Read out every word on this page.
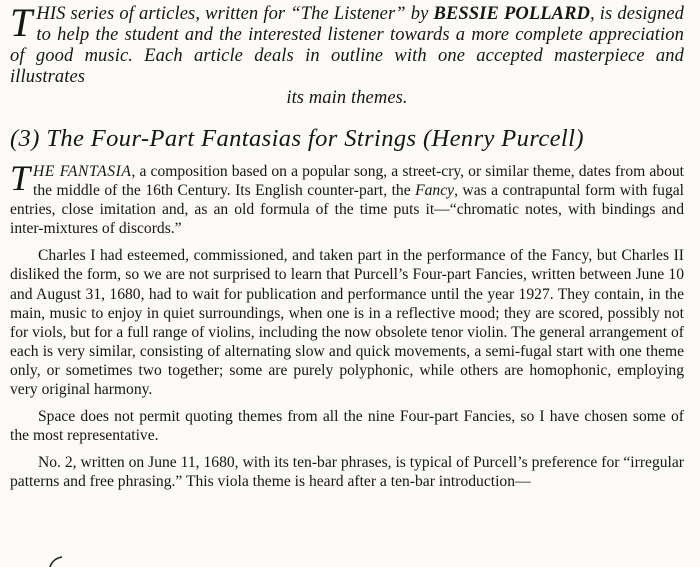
THIS series of articles, written for “The Listener” by BESSIE POLLARD, is designed to help the student and the interested listener towards a more complete appreciation of good music. Each article deals in outline with one accepted masterpiece and illustrates
its main themes.
(3) The Four-Part Fantasias for Strings (Henry Purcell)

THE FANTASIA, a composition based on a popular song, a street-cry, or similar theme, dates from about the middle of the 16th Century. Its English counter-part, the Fancy, was a contrapuntal form with fugal entries, close imitation and, as an old formula of the time puts it—“chromatic notes, with bindings and inter-mixtures of discords.”

Charles I had esteemed, commissioned, and taken part in the performance of the Fancy, but Charles II disliked the form, so we are not surprised to learn that Purcell’s Four-part Fancies, written between June 10 and August 31, 1680, had to wait for publication and performance until the year 1927. They contain, in the main, music to enjoy in quiet surroundings, when one is in a reflective mood; they are scored, possibly not for viols, but for a full range of violins, including the now obsolete tenor violin. The general arrangement of each is very similar, consisting of alternating slow and quick movements, a semi-fugal start with one theme only, or sometimes two together; some are purely polyphonic, while others are homophonic, employing very original harmony.

Space does not permit quoting themes from all the nine Four-part Fancies, so I have chosen some of the most representative.

No. 2, written on June 11, 1680, with its ten-bar phrases, is typical of Purcell’s preference for “irregular patterns and free phrasing.” This viola theme is heard after a ten-bar introduction—
